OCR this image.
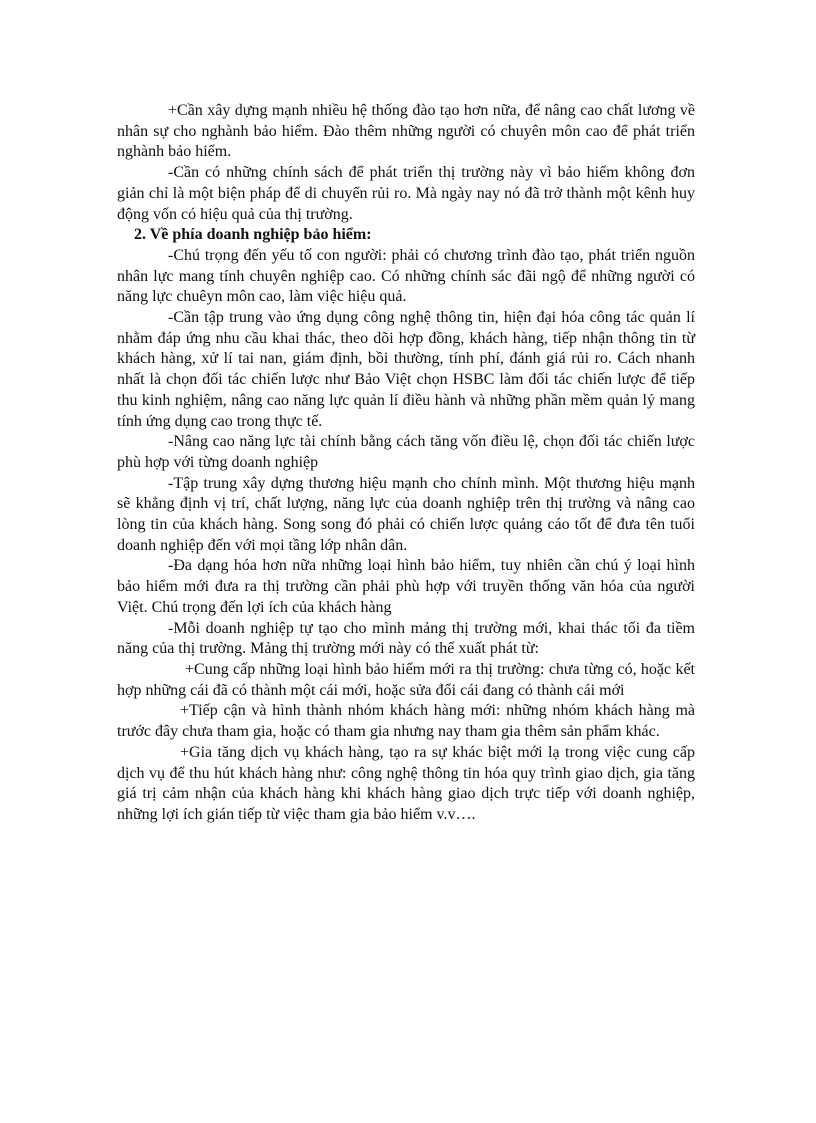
+Cần xây dựng mạnh nhiều hệ thống đào tạo hơn nữa, để nâng cao chất lương về nhân sự cho nghành bảo hiểm. Đào thêm những người có chuyên môn cao để phát triển nghành bảo hiểm.

-Cần có những chính sách để phát triển thị trường này vì bảo hiểm không đơn giản chỉ là một biện pháp để di chuyển rủi ro. Mà ngày nay nó đã trở thành một kênh huy động vốn có hiệu quả của thị trường.

2. Về phía doanh nghiệp bảo hiểm:

-Chú trọng đến yếu tố con người: phải có chương trình đào tạo, phát triển nguồn nhân lực mang tính chuyên nghiệp cao. Có những chính sác đãi ngộ để những người có năng lực chuêyn môn cao, làm việc hiệu quả.

-Cần tập trung vào ứng dụng công nghệ thông tin, hiện đại hóa công tác quản lí nhằm đáp ứng nhu cầu khai thác, theo dõi hợp đồng, khách hàng, tiếp nhận thông tin từ khách hàng, xử lí tai nan, giám định, bồi thường, tính phí, đánh giá rủi ro. Cách nhanh nhất là chọn đối tác chiến lược như Bảo Việt chọn HSBC làm đối tác chiến lược để tiếp thu kinh nghiệm, nâng cao năng lực quản lí điều hành và những phần mềm quản lý mang tính ứng dụng cao trong thực tế.

-Nâng cao năng lực tài chính bằng cách tăng vốn điều lệ, chọn đối tác chiến lược phù hợp với từng doanh nghiệp

-Tập trung xây dựng thương hiệu mạnh cho chính mình. Một thương hiệu mạnh sẽ khẳng định vị trí, chất lượng, năng lực của doanh nghiệp trên thị trường và nâng cao lòng tin của khách hàng. Song song đó phải có chiến lược quảng cáo tốt để đưa tên tuổi doanh nghiệp đến với mọi tầng lớp nhân dân.

-Đa dạng hóa hơn nữa những loại hình bảo hiểm, tuy nhiên cần chú ý loại hình bảo hiểm mới đưa ra thị trường cần phải phù hợp với truyền thống văn hóa của người Việt. Chú trọng đến lợi ích của khách hàng

-Mỗi doanh nghiệp tự tạo cho mình mảng thị trường mới, khai thác tối đa tiềm năng của thị trường. Mảng thị trường mới này có thể xuất phát từ:

+Cung cấp những loại hình bảo hiểm mới ra thị trường: chưa từng có, hoặc kết hợp những cái đã có thành một cái mới, hoặc sửa đổi cái đang có thành cái mới

+Tiếp cận và hình thành nhóm khách hàng mới: những nhóm khách hàng mà trước đây chưa tham gia, hoặc có tham gia nhưng nay tham gia thêm sản phẩm khác.

+Gia tăng dịch vụ khách hàng, tạo ra sự khác biệt mới lạ trong việc cung cấp dịch vụ để thu hút khách hàng như: công nghệ thông tin hóa quy trình giao dịch, gia tăng giá trị cảm nhận của khách hàng khi khách hàng giao dịch trực tiếp với doanh nghiệp, những lợi ích gián tiếp từ việc tham gia bảo hiểm v.v….
